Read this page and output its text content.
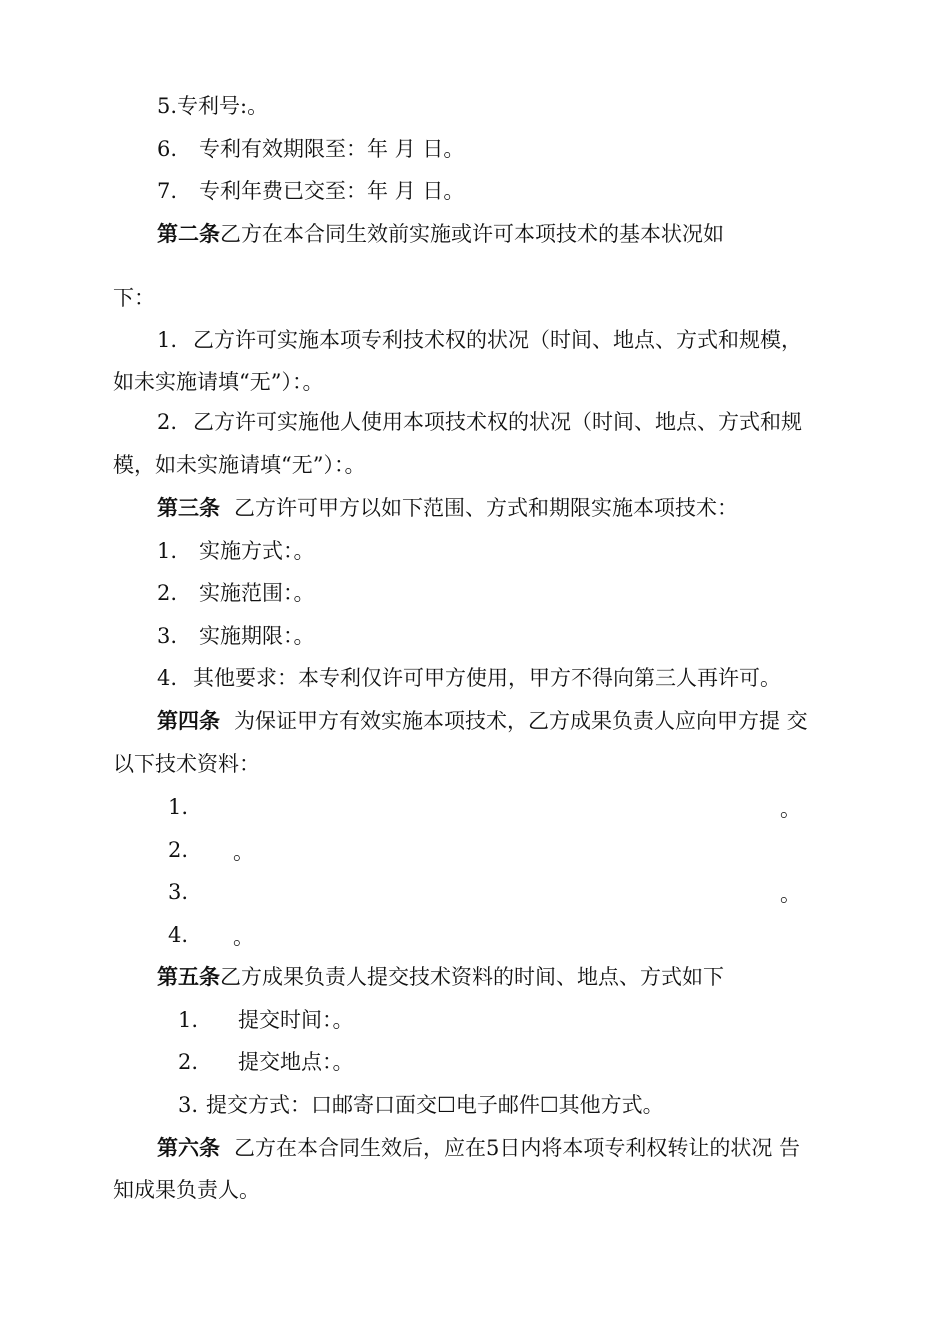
5.专利号:。
6. 专利有效期限至：年 月 日。
7. 专利年费已交至：年 月 日。
第二条乙方在本合同生效前实施或许可本项技术的基本状况如
下：
1. 乙方许可实施本项专利技术权的状况（时间、地点、方式和规模，
如未实施请填“无”）：。
2. 乙方许可实施他人使用本项技术权的状况（时间、地点、方式和规
模，如未实施请填“无”）：。
第三条 乙方许可甲方以如下范围、方式和期限实施本项技术：
1. 实施方式：。
2. 实施范围：。
3. 实施期限：。
4. 其他要求：本专利仅许可甲方使用，甲方不得向第三人再许可。
第四条 为保证甲方有效实施本项技术，乙方成果负责人应向甲方提 交
以下技术资料：
1.	。
2. 。
3.	。
4. 。
第五条乙方成果负责人提交技术资料的时间、地点、方式如下
1. 提交时间：。
2. 提交地点：。
3. 提交方式：口邮寄口面交☐电子邮件☐其他方式。
第六条 乙方在本合同生效后，应在5日内将本项专利权转让的状况 告
知成果负责人。
